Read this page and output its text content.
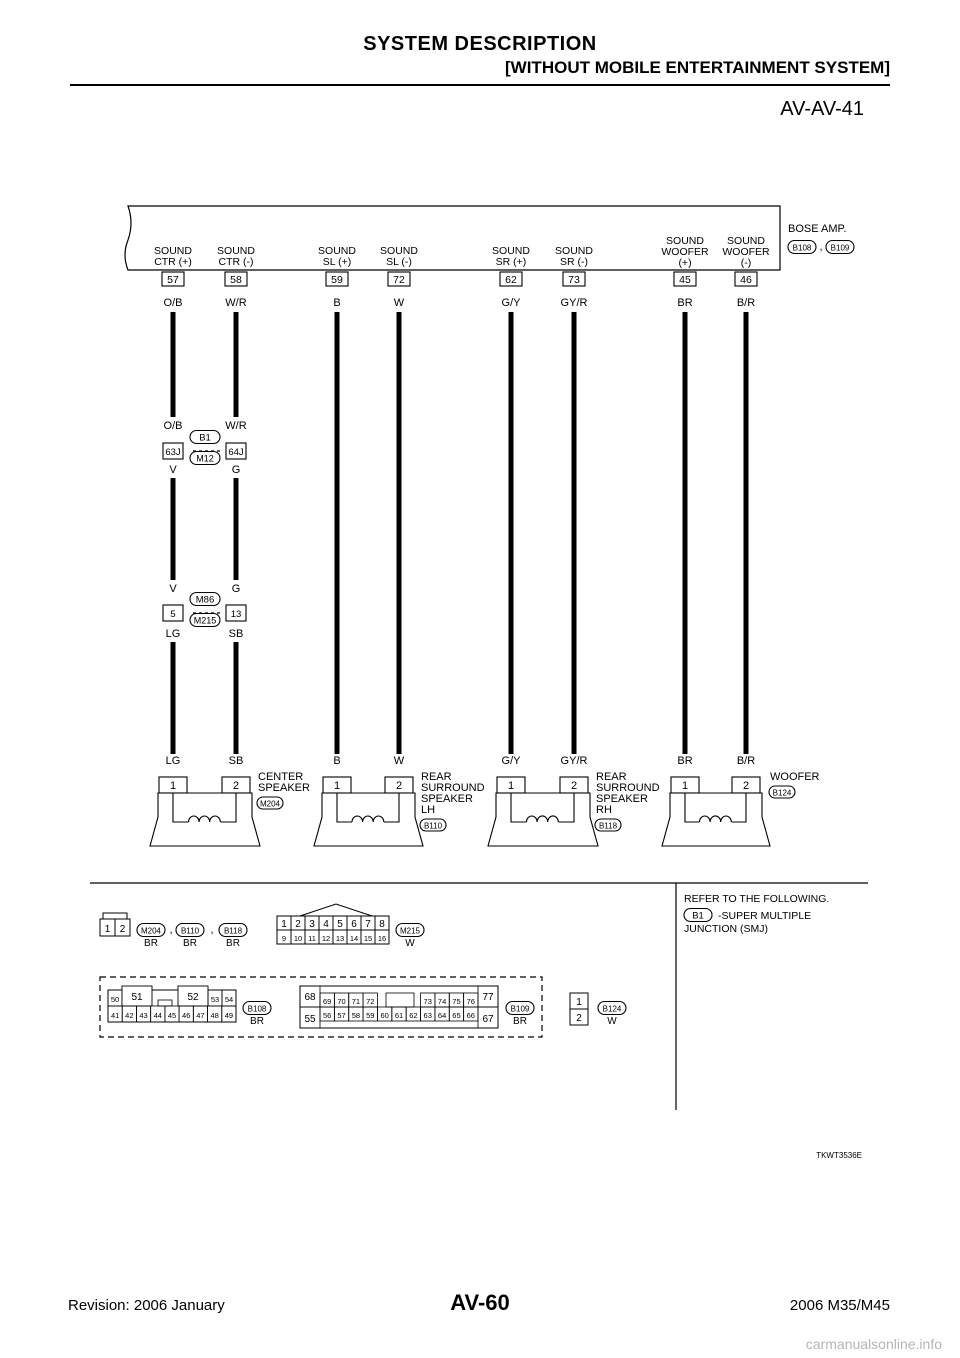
SYSTEM DESCRIPTION
[WITHOUT MOBILE ENTERTAINMENT SYSTEM]
AV-AV-41
BOSE AMP.
B108 , B109
SOUND
CTR (+)
57
O/B
SOUND
CTR (-)
58
W/R
SOUND
SL (+)
59
B
SOUND
SL (-)
72
W
SOUND
SR (+)
62
G/Y
SOUND
SR (-)
73
GY/R
SOUND
WOOFER
(+)
45
BR
SOUND
WOOFER
(-)
46
B/R
O/B	W/R
63J	64J
B1
M12
V	G
V	G
5	13
M86
M215
LG	SB
LG	SB
1	2
CENTER
SPEAKER
M204
B	W
1	2
REAR
SURROUND
SPEAKER
LH
B110
G/Y	GY/R
1	2
REAR
SURROUND
SPEAKER
RH
B118
BR	B/R
1	2
WOOFER
B124
1 2 M204
BR
B110
BR
B118
BR
,	,	1
9
2
10
3
11
4
12
5
13
6
14
7
15
8
16
M215
W
50 51	52 53 54
41 42 43 44 45 46 47 48 49
B108
BR
68
55
77
67
69 70 71 72	73 74 75 76
56 57 58 59 60 61 62 63 64 65 66
B109
BR
1
2
B124
W
REFER TO THE FOLLOWING.
B1 -SUPER MULTIPLE
JUNCTION (SMJ)
TKWT3536E
Revision: 2006 January	AV-60	2006 M35/M45
carmanualsonline.info
